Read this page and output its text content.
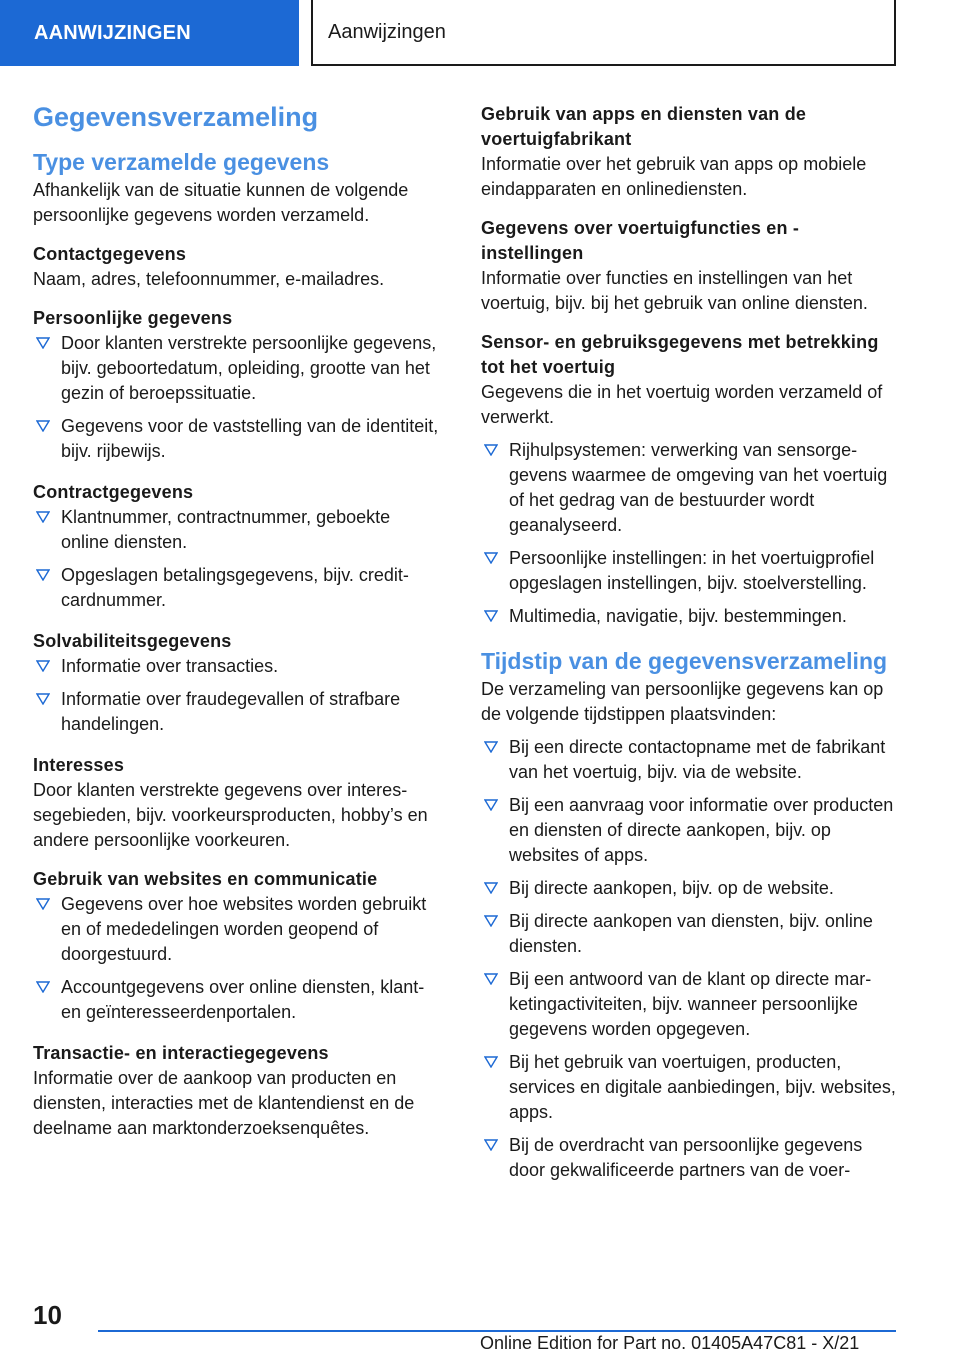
AANWIJZINGEN	Aanwijzingen
Gegevensverzameling
Type verzamelde gegevens
Afhankelijk van de situatie kunnen de volgende persoonlijke gegevens worden verzameld.
Contactgegevens
Naam, adres, telefoonnummer, e-mailadres.
Persoonlijke gegevens
Door klanten verstrekte persoonlijke gegevens, bijv. geboortedatum, opleiding, grootte van het gezin of beroepssituatie.
Gegevens voor de vaststelling van de identiteit, bijv. rijbewijs.
Contractgegevens
Klantnummer, contractnummer, geboekte online diensten.
Opgeslagen betalingsgegevens, bijv. creditcardnummer.
Solvabiliteitsgegevens
Informatie over transacties.
Informatie over fraudegevallen of strafbare handelingen.
Interesses
Door klanten verstrekte gegevens over interessegebieden, bijv. voorkeursproducten, hobby’s en andere persoonlijke voorkeuren.
Gebruik van websites en communicatie
Gegevens over hoe websites worden gebruikt en of mededelingen worden geopend of doorgestuurd.
Accountgegevens over online diensten, klant- en geïnteresseerdenportalen.
Transactie- en interactiegegevens
Informatie over de aankoop van producten en diensten, interacties met de klantendienst en de deelname aan marktonderzoeksenquêtes.
Gebruik van apps en diensten van de voertuigfabrikant
Informatie over het gebruik van apps op mobiele eindapparaten en onlinediensten.
Gegevens over voertuigfuncties en -instellingen
Informatie over functies en instellingen van het voertuig, bijv. bij het gebruik van online diensten.
Sensor- en gebruiksgegevens met betrekking tot het voertuig
Gegevens die in het voertuig worden verzameld of verwerkt.
Rijhulpsystemen: verwerking van sensorgegevens waarmee de omgeving van het voertuig of het gedrag van de bestuurder wordt geanalyseerd.
Persoonlijke instellingen: in het voertuigprofiel opgeslagen instellingen, bijv. stoelverstelling.
Multimedia, navigatie, bijv. bestemmingen.
Tijdstip van de gegevensverzameling
De verzameling van persoonlijke gegevens kan op de volgende tijdstippen plaatsvinden:
Bij een directe contactopname met de fabrikant van het voertuig, bijv. via de website.
Bij een aanvraag voor informatie over producten en diensten of directe aankopen, bijv. op websites of apps.
Bij directe aankopen, bijv. op de website.
Bij directe aankopen van diensten, bijv. online diensten.
Bij een antwoord van de klant op directe marketingactiviteiten, bijv. wanneer persoonlijke gegevens worden opgegeven.
Bij het gebruik van voertuigen, producten, services en digitale aanbiedingen, bijv. websites, apps.
Bij de overdracht van persoonlijke gegevens door gekwalificeerde partners van de voer-
10
Online Edition for Part no. 01405A47C81 - X/21
